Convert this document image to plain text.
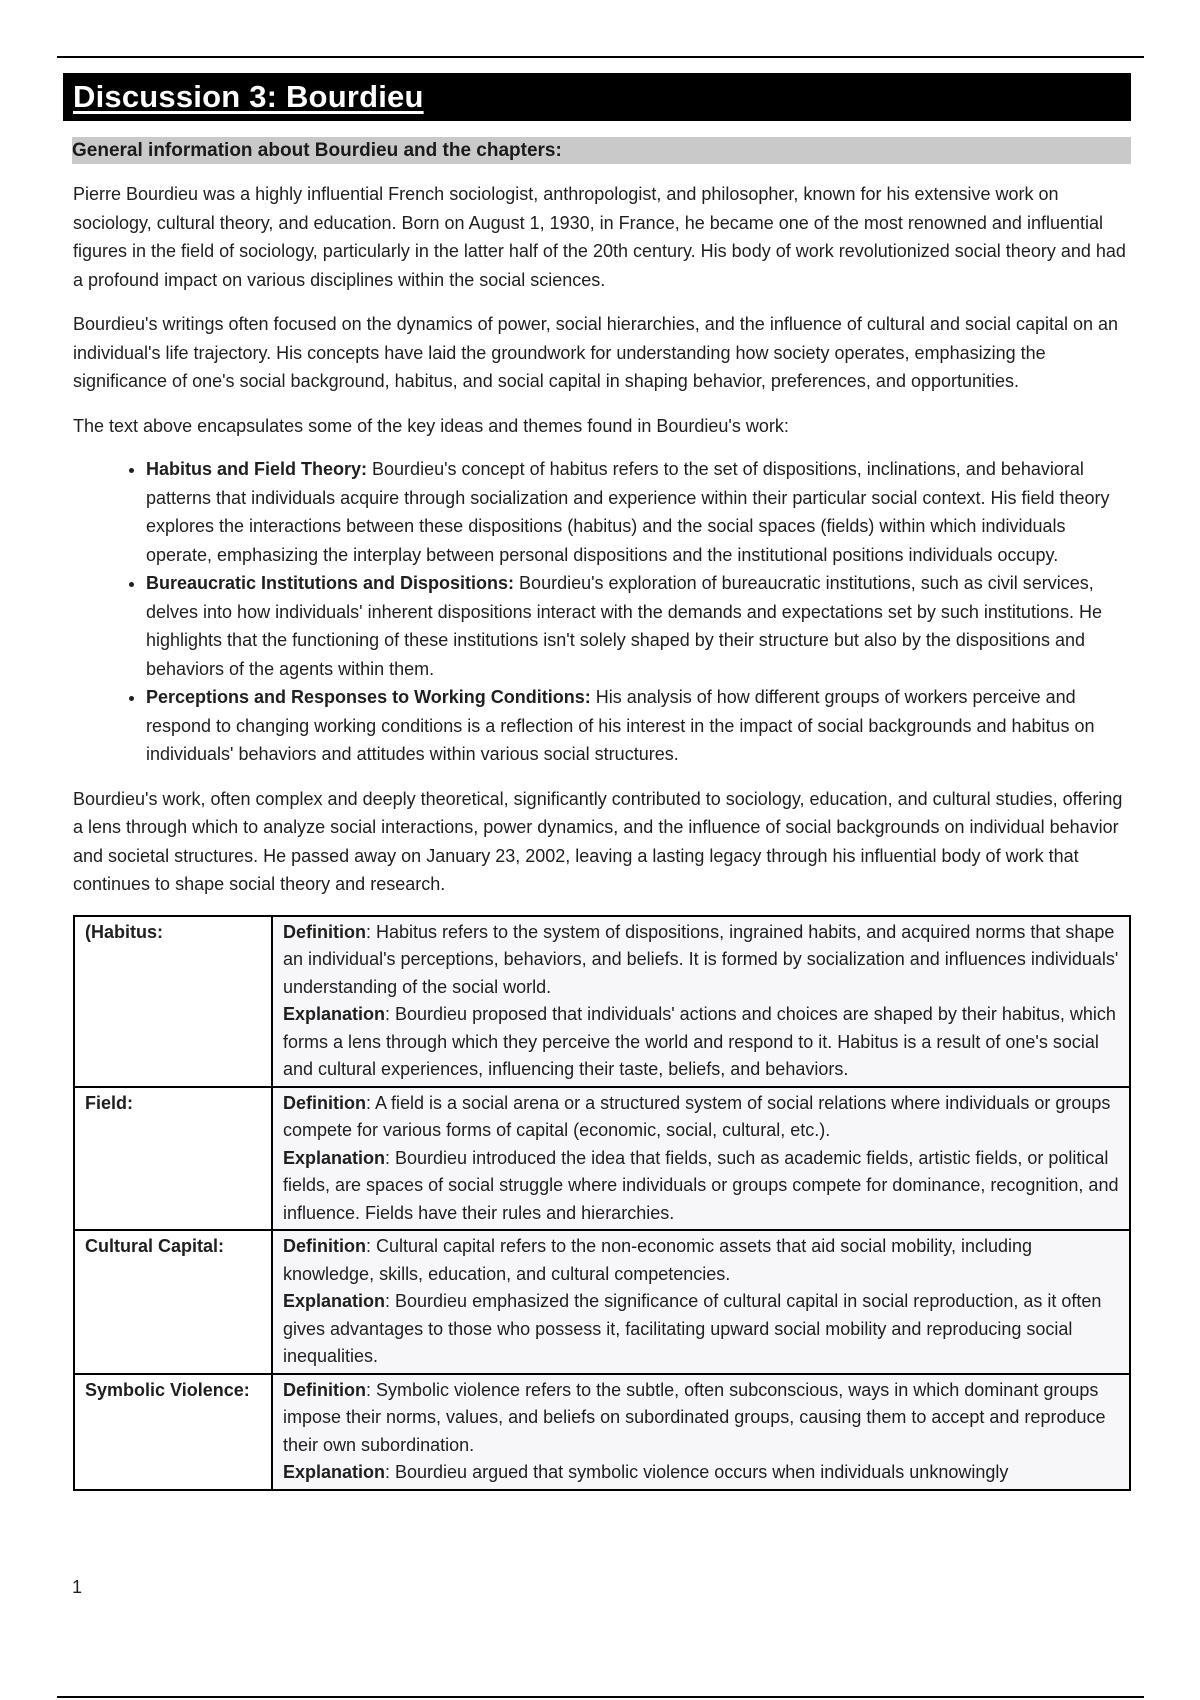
Discussion 3: Bourdieu
General information about Bourdieu and the chapters:

Pierre Bourdieu was a highly influential French sociologist, anthropologist, and philosopher, known for his extensive work on sociology, cultural theory, and education. Born on August 1, 1930, in France, he became one of the most renowned and influential figures in the field of sociology, particularly in the latter half of the 20th century. His body of work revolutionized social theory and had a profound impact on various disciplines within the social sciences.

Bourdieu's writings often focused on the dynamics of power, social hierarchies, and the influence of cultural and social capital on an individual's life trajectory. His concepts have laid the groundwork for understanding how society operates, emphasizing the significance of one's social background, habitus, and social capital in shaping behavior, preferences, and opportunities.

The text above encapsulates some of the key ideas and themes found in Bourdieu's work:

• Habitus and Field Theory: Bourdieu's concept of habitus refers to the set of dispositions, inclinations, and behavioral patterns that individuals acquire through socialization and experience within their particular social context. His field theory explores the interactions between these dispositions (habitus) and the social spaces (fields) within which individuals operate, emphasizing the interplay between personal dispositions and the institutional positions individuals occupy.
• Bureaucratic Institutions and Dispositions: Bourdieu's exploration of bureaucratic institutions, such as civil services, delves into how individuals' inherent dispositions interact with the demands and expectations set by such institutions. He highlights that the functioning of these institutions isn't solely shaped by their structure but also by the dispositions and behaviors of the agents within them.
• Perceptions and Responses to Working Conditions: His analysis of how different groups of workers perceive and respond to changing working conditions is a reflection of his interest in the impact of social backgrounds and habitus on individuals' behaviors and attitudes within various social structures.

Bourdieu's work, often complex and deeply theoretical, significantly contributed to sociology, education, and cultural studies, offering a lens through which to analyze social interactions, power dynamics, and the influence of social backgrounds on individual behavior and societal structures. He passed away on January 23, 2002, leaving a lasting legacy through his influential body of work that continues to shape social theory and research.

(Habitus:	Definition: Habitus refers to the system of dispositions, ingrained habits, and acquired norms that shape an individual's perceptions, behaviors, and beliefs. It is formed by socialization and influences individuals' understanding of the social world.
Explanation: Bourdieu proposed that individuals' actions and choices are shaped by their habitus, which forms a lens through which they perceive the world and respond to it. Habitus is a result of one's social and cultural experiences, influencing their taste, beliefs, and behaviors.
Field:	Definition: A field is a social arena or a structured system of social relations where individuals or groups compete for various forms of capital (economic, social, cultural, etc.).
Explanation: Bourdieu introduced the idea that fields, such as academic fields, artistic fields, or political fields, are spaces of social struggle where individuals or groups compete for dominance, recognition, and influence. Fields have their rules and hierarchies.
Cultural Capital:	Definition: Cultural capital refers to the non-economic assets that aid social mobility, including knowledge, skills, education, and cultural competencies.
Explanation: Bourdieu emphasized the significance of cultural capital in social reproduction, as it often gives advantages to those who possess it, facilitating upward social mobility and reproducing social inequalities.
Symbolic Violence:	Definition: Symbolic violence refers to the subtle, often subconscious, ways in which dominant groups impose their norms, values, and beliefs on subordinated groups, causing them to accept and reproduce their own subordination.
Explanation: Bourdieu argued that symbolic violence occurs when individuals unknowingly
1
